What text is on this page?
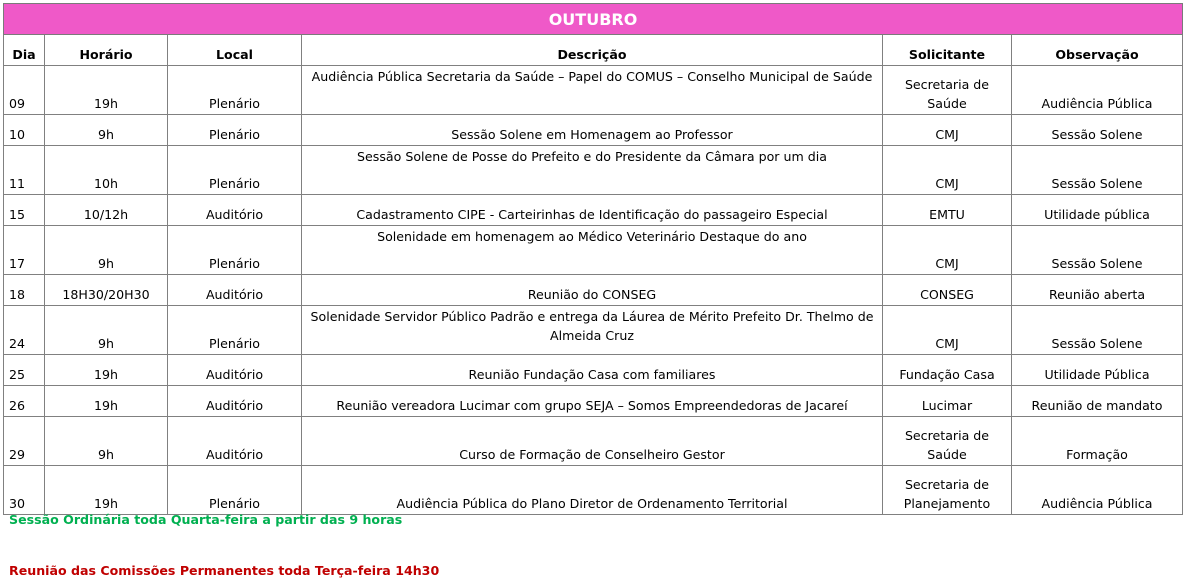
OUTUBRO					
Dia	Horário	Local	Descrição	Solicitante	Observação
09	19h	Plenário	Audiência Pública Secretaria da Saúde – Papel do COMUS – Conselho Municipal de Saúde	Secretaria de Saúde	Audiência Pública
10	9h	Plenário	Sessão Solene em Homenagem ao Professor	CMJ	Sessão Solene
11	10h	Plenário	Sessão Solene de Posse do Prefeito e do Presidente da Câmara por um dia	CMJ	Sessão Solene
15	10/12h	Auditório	Cadastramento CIPE - Carteirinhas de Identificação do passageiro Especial	EMTU	Utilidade pública
17	9h	Plenário	Solenidade em homenagem ao Médico Veterinário Destaque do ano	CMJ	Sessão Solene
18	18H30/20H30	Auditório	Reunião do CONSEG	CONSEG	Reunião aberta
24	9h	Plenário	Solenidade Servidor Público Padrão e entrega da Láurea de Mérito Prefeito Dr. Thelmo de Almeida Cruz	CMJ	Sessão Solene
25	19h	Auditório	Reunião Fundação Casa com familiares	Fundação Casa	Utilidade Pública
26	19h	Auditório	Reunião vereadora Lucimar com grupo SEJA – Somos Empreendedoras de Jacareí	Lucimar	Reunião de mandato
29	9h	Auditório	Curso de Formação de Conselheiro Gestor	Secretaria de Saúde	Formação
30	19h	Plenário	Audiência Pública do Plano Diretor de Ordenamento Territorial	Secretaria de Planejamento	Audiência Pública
Sessão Ordinária toda Quarta-feira a partir das 9 horas
Reunião das Comissões Permanentes toda Terça-feira 14h30
